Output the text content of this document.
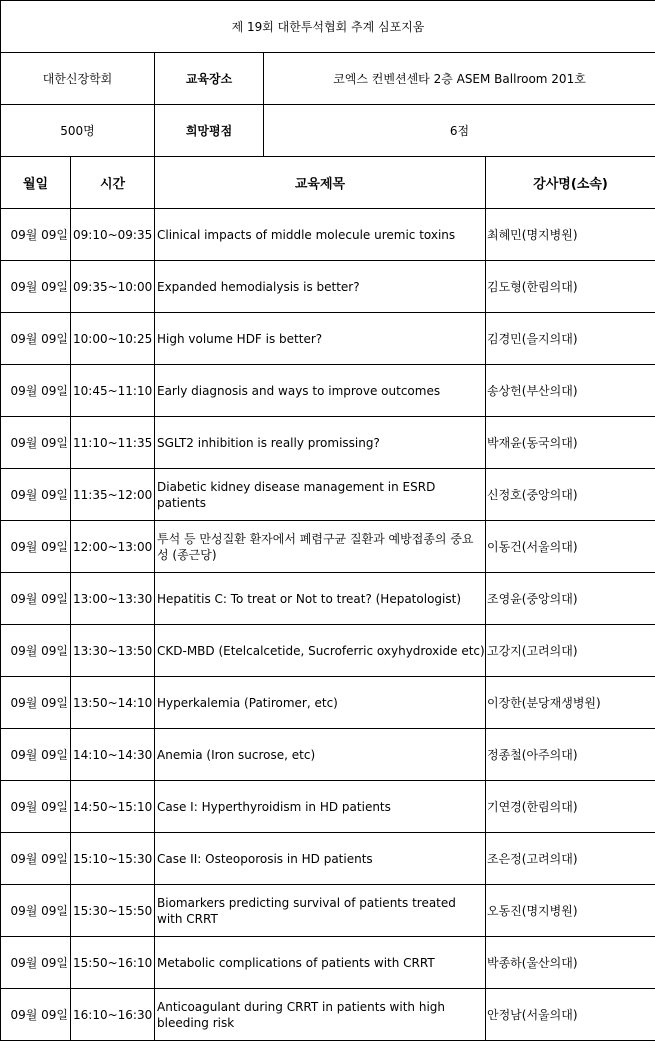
제 19회 대한투석협회 추계 심포지움				
대한신장학회		교육장소	코엑스 컨벤션센타 2층 ASEM Ballroom 201호	
500명		희망평점	6점	
월일	시간	교육제목		강사명(소속)
09월 09일	09:10~09:35	Clinical impacts of middle molecule uremic toxins		최혜민(명지병원)
09월 09일	09:35~10:00	Expanded hemodialysis is better?		김도형(한림의대)
09월 09일	10:00~10:25	High volume HDF is better?		김경민(을지의대)
09월 09일	10:45~11:10	Early diagnosis and ways to improve outcomes		송상헌(부산의대)
09월 09일	11:10~11:35	SGLT2 inhibition is really promissing?		박재윤(동국의대)
09월 09일	11:35~12:00	Diabetic kidney disease management in ESRD patients		신정호(중앙의대)
09월 09일	12:00~13:00	투석 등 만성질환 환자에서 폐렴구균 질환과 예방접종의 중요성 (종근당)		이동건(서울의대)
09월 09일	13:00~13:30	Hepatitis C: To treat or Not to treat? (Hepatologist)		조영윤(중앙의대)
09월 09일	13:30~13:50	CKD-MBD (Etelcalcetide, Sucroferric oxyhydroxide etc)		고강지(고려의대)
09월 09일	13:50~14:10	Hyperkalemia (Patiromer, etc)		이장한(분당재생병원)
09월 09일	14:10~14:30	Anemia (Iron sucrose, etc)		정종철(아주의대)
09월 09일	14:50~15:10	Case I: Hyperthyroidism in HD patients		기연경(한림의대)
09월 09일	15:10~15:30	Case II: Osteoporosis in HD patients		조은정(고려의대)
09월 09일	15:30~15:50	Biomarkers predicting survival of patients treated with CRRT		오동진(명지병원)
09월 09일	15:50~16:10	Metabolic complications of patients with CRRT		박종하(울산의대)
09월 09일	16:10~16:30	Anticoagulant during CRRT in patients with high bleeding risk		안정남(서울의대)
